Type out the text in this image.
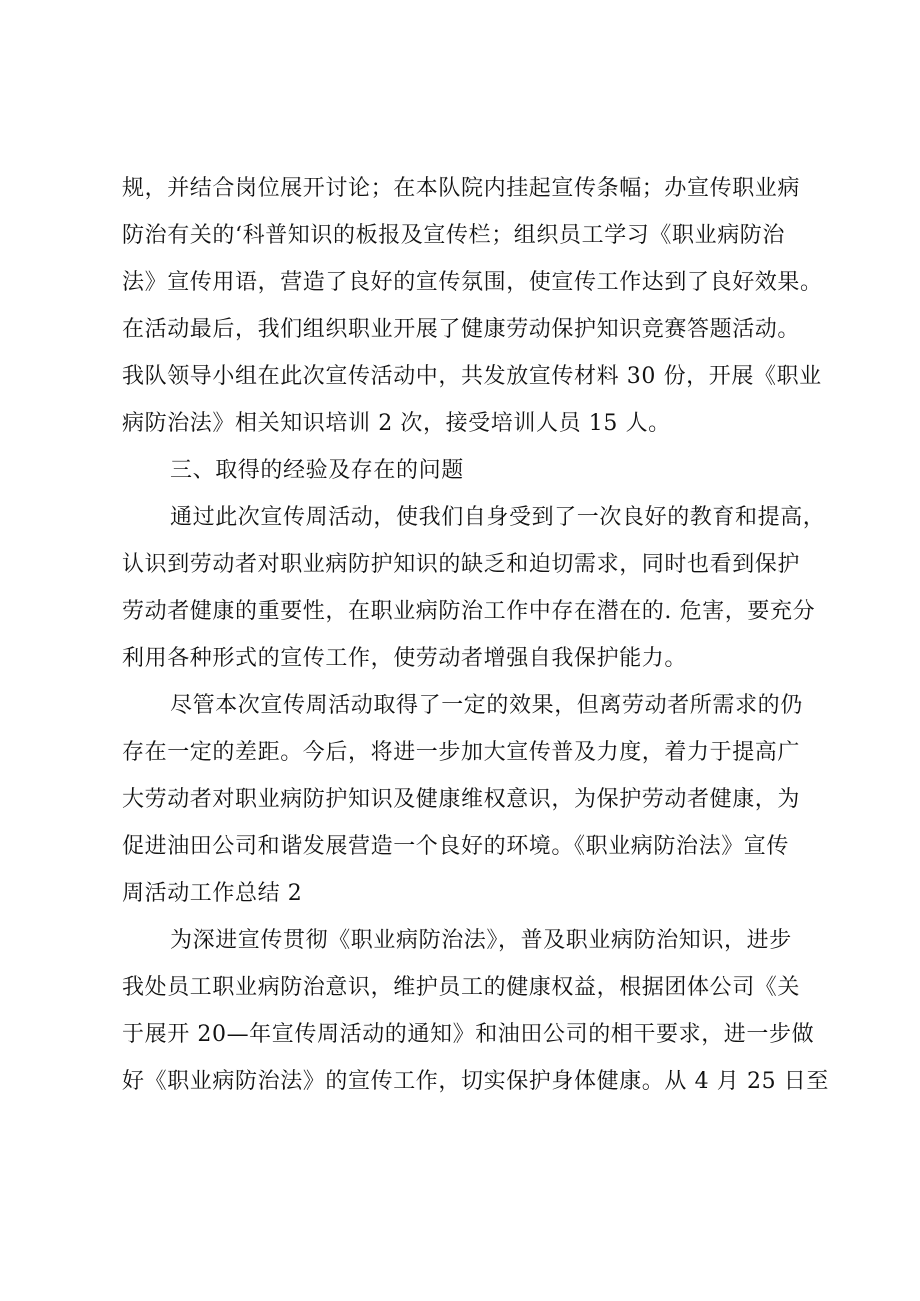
规，并结合岗位展开讨论；在本队院内挂起宣传条幅；办宣传职业病
防治有关的‘科普知识的板报及宣传栏；组织员工学习《职业病防治
法》宣传用语，营造了良好的宣传氛围，使宣传工作达到了良好效果。
在活动最后，我们组织职业开展了健康劳动保护知识竞赛答题活动。
我队领导小组在此次宣传活动中，共发放宣传材料 30 份，开展《职业
病防治法》相关知识培训 2 次，接受培训人员 15 人。
三、取得的经验及存在的问题
通过此次宣传周活动，使我们自身受到了一次良好的教育和提高，
认识到劳动者对职业病防护知识的缺乏和迫切需求，同时也看到保护
劳动者健康的重要性，在职业病防治工作中存在潜在的. 危害，要充分
利用各种形式的宣传工作，使劳动者增强自我保护能力。
尽管本次宣传周活动取得了一定的效果，但离劳动者所需求的仍
存在一定的差距。今后，将进一步加大宣传普及力度，着力于提高广
大劳动者对职业病防护知识及健康维权意识，为保护劳动者健康，为
促进油田公司和谐发展营造一个良好的环境。《职业病防治法》宣传
周活动工作总结 2
为深进宣传贯彻《职业病防治法》，普及职业病防治知识，进步
我处员工职业病防治意识，维护员工的健康权益，根据团体公司《关
于展开 20—年宣传周活动的通知》和油田公司的相干要求，进一步做
好《职业病防治法》的宣传工作，切实保护身体健康。从 4 月 25 日至
